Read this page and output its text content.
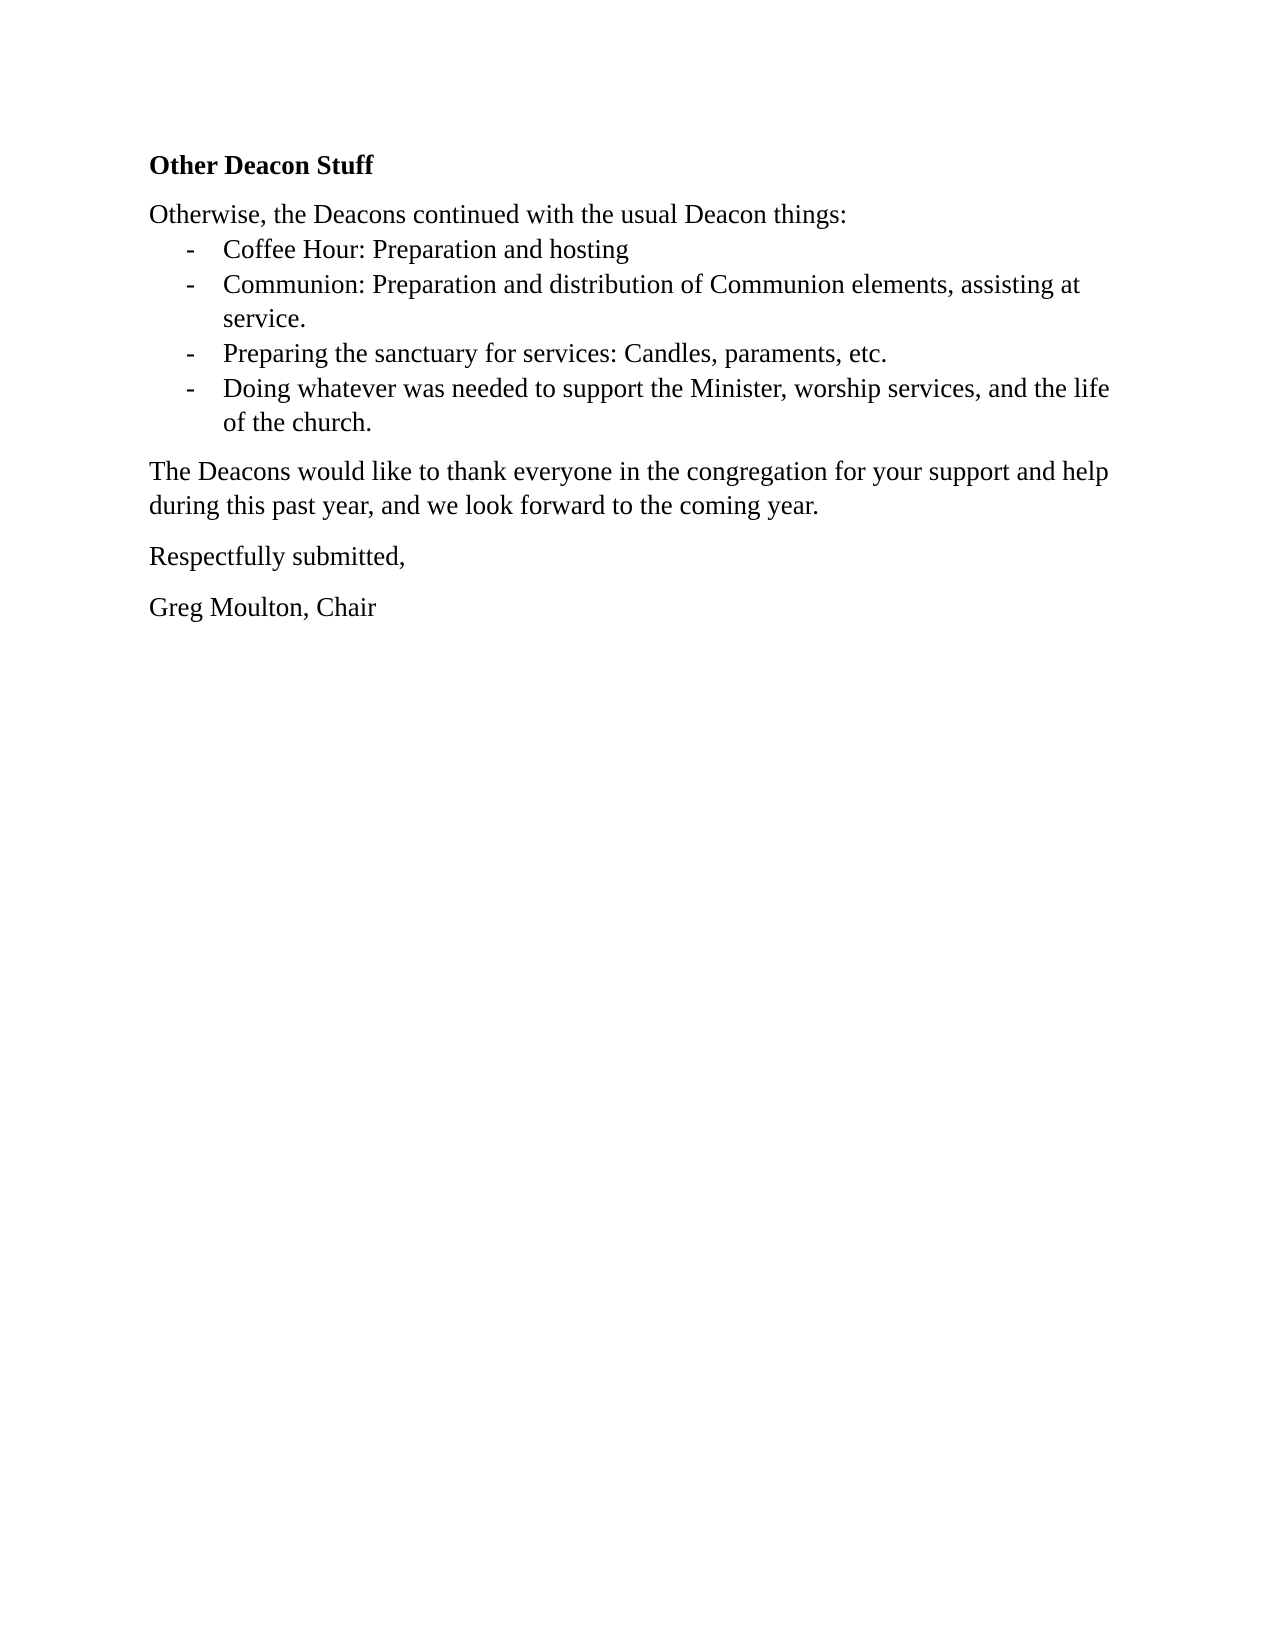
Other Deacon Stuff

Otherwise, the Deacons continued with the usual Deacon things:

- Coffee Hour: Preparation and hosting
- Communion: Preparation and distribution of Communion elements, assisting at service.
- Preparing the sanctuary for services: Candles, paraments, etc.
- Doing whatever was needed to support the Minister, worship services, and the life of the church.

The Deacons would like to thank everyone in the congregation for your support and help during this past year, and we look forward to the coming year.

Respectfully submitted,

Greg Moulton, Chair
